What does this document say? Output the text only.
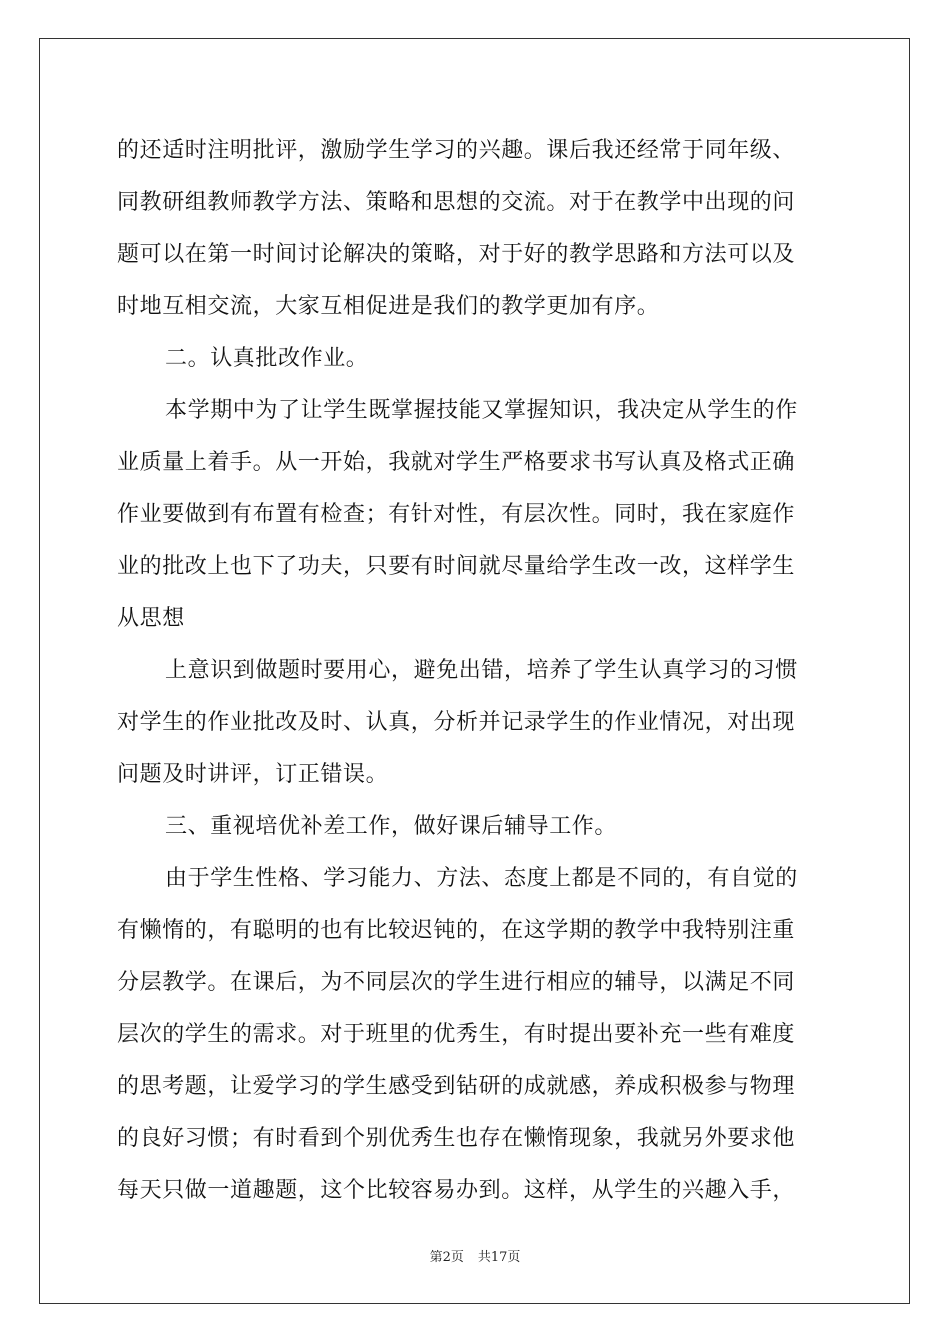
的还适时注明批评，激励学生学习的兴趣。课后我还经常于同年级、
同教研组教师教学方法、策略和思想的交流。对于在教学中出现的问
题可以在第一时间讨论解决的策略，对于好的教学思路和方法可以及
时地互相交流，大家互相促进是我们的教学更加有序。
二。认真批改作业。
本学期中为了让学生既掌握技能又掌握知识，我决定从学生的作
业质量上着手。从一开始，我就对学生严格要求书写认真及格式正确
作业要做到有布置有检查；有针对性，有层次性。同时，我在家庭作
业的批改上也下了功夫，只要有时间就尽量给学生改一改，这样学生
从思想
上意识到做题时要用心，避免出错，培养了学生认真学习的习惯
对学生的作业批改及时、认真，分析并记录学生的作业情况，对出现
问题及时讲评，订正错误。
三、重视培优补差工作，做好课后辅导工作。
由于学生性格、学习能力、方法、态度上都是不同的，有自觉的
有懒惰的，有聪明的也有比较迟钝的，在这学期的教学中我特别注重
分层教学。在课后，为不同层次的学生进行相应的辅导，以满足不同
层次的学生的需求。对于班里的优秀生，有时提出要补充一些有难度
的思考题，让爱学习的学生感受到钻研的成就感，养成积极参与物理
的良好习惯；有时看到个别优秀生也存在懒惰现象，我就另外要求他
每天只做一道趣题，这个比较容易办到。这样，从学生的兴趣入手，
第2页 共17页
